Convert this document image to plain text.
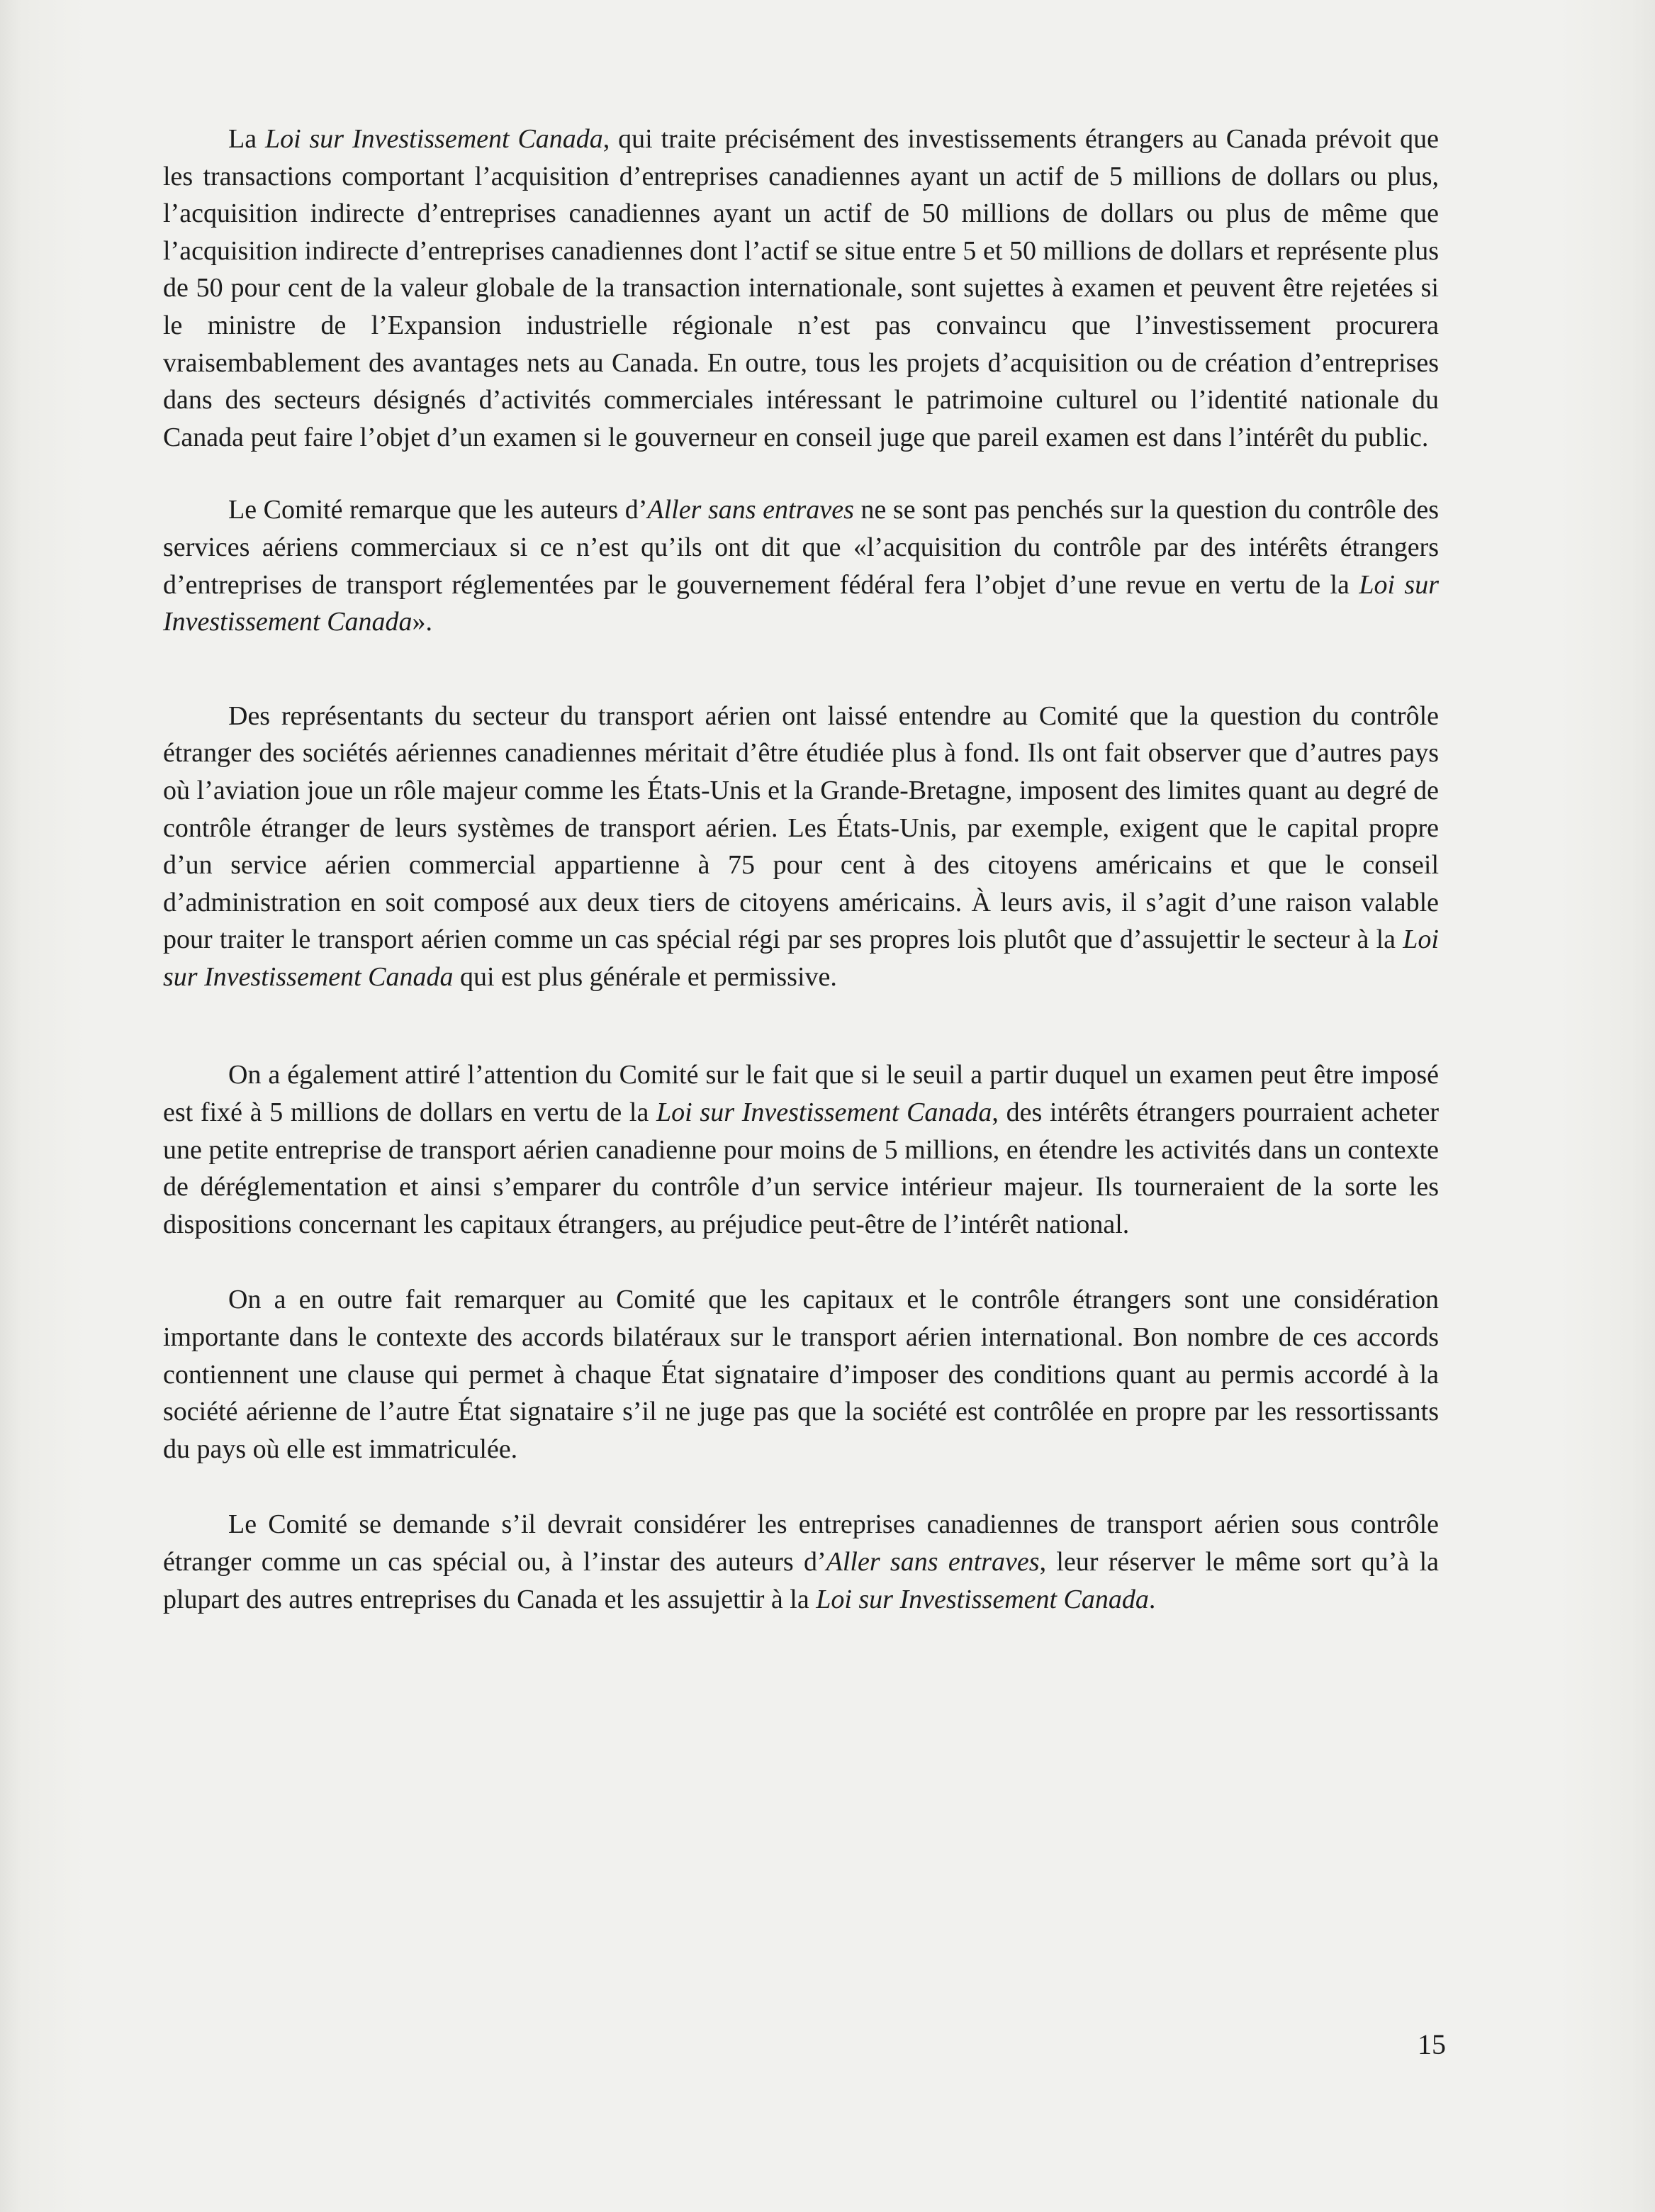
La Loi sur Investissement Canada, qui traite précisément des investissements étrangers au Canada prévoit que les transactions comportant l’acquisition d’entreprises canadiennes ayant un actif de 5 millions de dollars ou plus, l’acquisition indirecte d’entreprises canadiennes ayant un actif de 50 millions de dollars ou plus de même que l’acquisition indirecte d’entreprises canadiennes dont l’actif se situe entre 5 et 50 millions de dollars et représente plus de 50 pour cent de la valeur globale de la transaction internationale, sont sujettes à examen et peuvent être rejetées si le ministre de l’Expansion industrielle régionale n’est pas convaincu que l’investissement procurera vraisembablement des avantages nets au Canada. En outre, tous les projets d’acquisition ou de création d’entreprises dans des secteurs désignés d’activités commerciales intéressant le patrimoine culturel ou l’identité nationale du Canada peut faire l’objet d’un examen si le gouverneur en conseil juge que pareil examen est dans l’intérêt du public.

Le Comité remarque que les auteurs d’Aller sans entraves ne se sont pas penchés sur la question du contrôle des services aériens commerciaux si ce n’est qu’ils ont dit que «l’acquisition du contrôle par des intérêts étrangers d’entreprises de transport réglementées par le gouvernement fédéral fera l’objet d’une revue en vertu de la Loi sur Investissement Canada».

Des représentants du secteur du transport aérien ont laissé entendre au Comité que la question du contrôle étranger des sociétés aériennes canadiennes méritait d’être étudiée plus à fond. Ils ont fait observer que d’autres pays où l’aviation joue un rôle majeur comme les États-Unis et la Grande-Bretagne, imposent des limites quant au degré de contrôle étranger de leurs systèmes de transport aérien. Les États-Unis, par exemple, exigent que le capital propre d’un service aérien commercial appartienne à 75 pour cent à des citoyens américains et que le conseil d’administration en soit composé aux deux tiers de citoyens américains. À leurs avis, il s’agit d’une raison valable pour traiter le transport aérien comme un cas spécial régi par ses propres lois plutôt que d’assujettir le secteur à la Loi sur Investissement Canada qui est plus générale et permissive.

On a également attiré l’attention du Comité sur le fait que si le seuil a partir duquel un examen peut être imposé est fixé à 5 millions de dollars en vertu de la Loi sur Investissement Canada, des intérêts étrangers pourraient acheter une petite entreprise de transport aérien canadienne pour moins de 5 millions, en étendre les activités dans un contexte de déréglementation et ainsi s’emparer du contrôle d’un service intérieur majeur. Ils tourneraient de la sorte les dispositions concernant les capitaux étrangers, au préjudice peut-être de l’intérêt national.

On a en outre fait remarquer au Comité que les capitaux et le contrôle étrangers sont une considération importante dans le contexte des accords bilatéraux sur le transport aérien international. Bon nombre de ces accords contiennent une clause qui permet à chaque État signataire d’imposer des conditions quant au permis accordé à la société aérienne de l’autre État signataire s’il ne juge pas que la société est contrôlée en propre par les ressortissants du pays où elle est immatriculée.

Le Comité se demande s’il devrait considérer les entreprises canadiennes de transport aérien sous contrôle étranger comme un cas spécial ou, à l’instar des auteurs d’Aller sans entraves, leur réserver le même sort qu’à la plupart des autres entreprises du Canada et les assujettir à la Loi sur Investissement Canada.

15
